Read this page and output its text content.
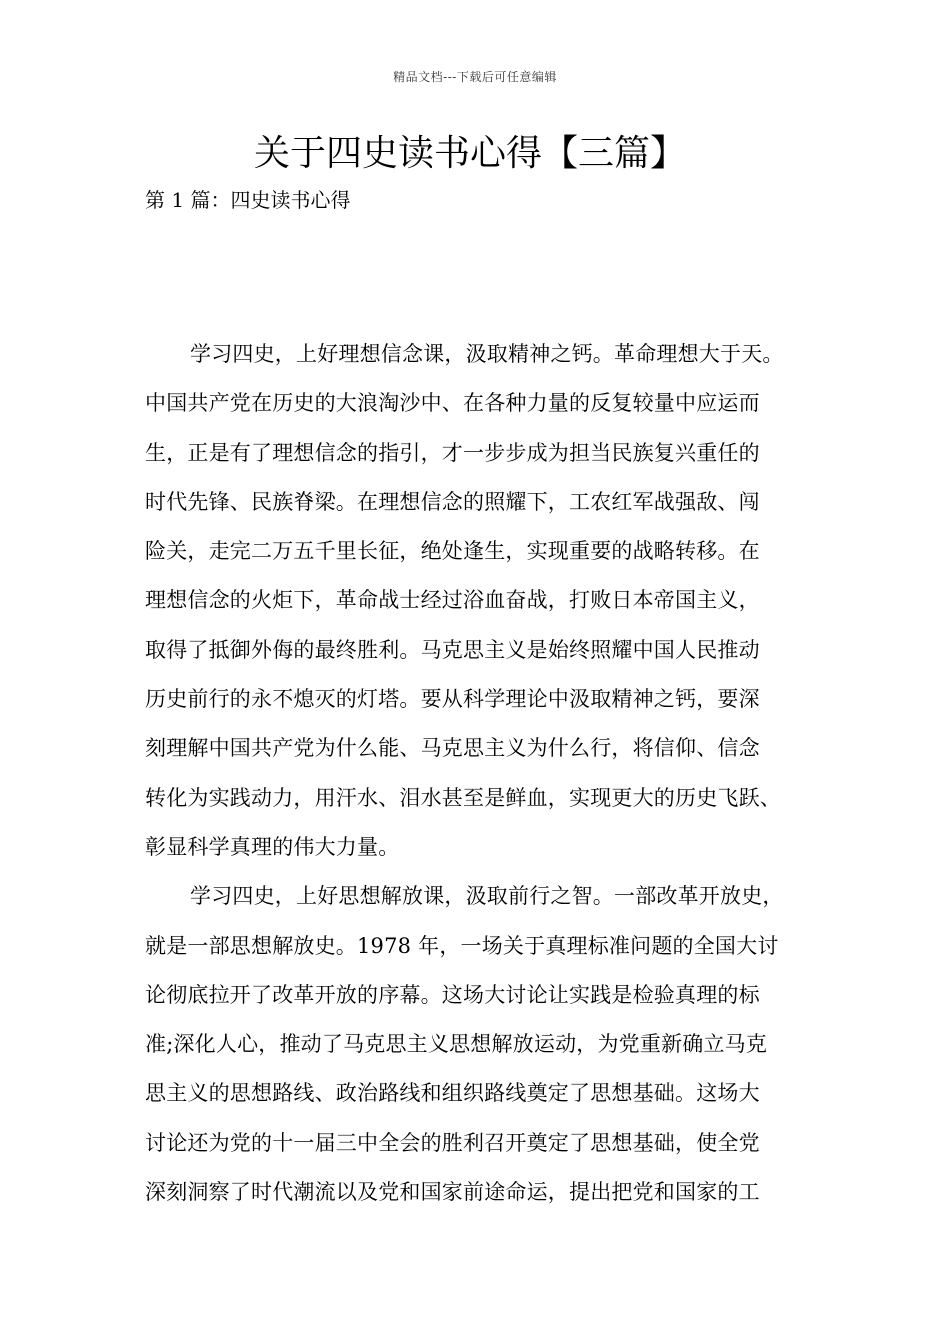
精品文档---下载后可任意编辑
关于四史读书心得【三篇】
第 1 篇：四史读书心得
学习四史，上好理想信念课，汲取精神之钙。革命理想大于天。
中国共产党在历史的大浪淘沙中、在各种力量的反复较量中应运而
生，正是有了理想信念的指引，才一步步成为担当民族复兴重任的
时代先锋、民族脊梁。在理想信念的照耀下，工农红军战强敌、闯
险关，走完二万五千里长征，绝处逢生，实现重要的战略转移。在
理想信念的火炬下，革命战士经过浴血奋战，打败日本帝国主义，
取得了抵御外侮的最终胜利。马克思主义是始终照耀中国人民推动
历史前行的永不熄灭的灯塔。要从科学理论中汲取精神之钙，要深
刻理解中国共产党为什么能、马克思主义为什么行，将信仰、信念
转化为实践动力，用汗水、泪水甚至是鲜血，实现更大的历史飞跃、
彰显科学真理的伟大力量。
学习四史，上好思想解放课，汲取前行之智。一部改革开放史，
就是一部思想解放史。1978 年，一场关于真理标准问题的全国大讨
论彻底拉开了改革开放的序幕。这场大讨论让实践是检验真理的标
准;深化人心，推动了马克思主义思想解放运动，为党重新确立马克
思主义的思想路线、政治路线和组织路线奠定了思想基础。这场大
讨论还为党的十一届三中全会的胜利召开奠定了思想基础，使全党
深刻洞察了时代潮流以及党和国家前途命运，提出把党和国家的工
